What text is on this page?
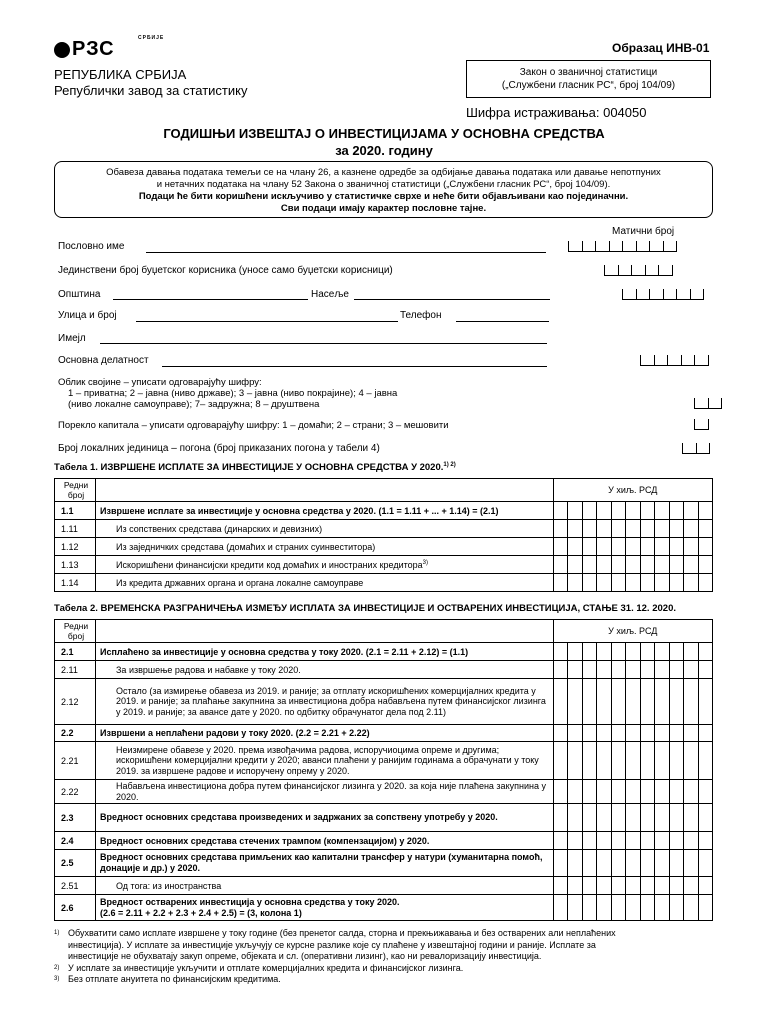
РЗС	СРБИЈЕ
Образац ИНВ-01
РЕПУБЛИКА СРБИЈА
Републички завод за статистику
Закон о званичној статистици
(„Службени гласник РС“, број 104/09)
Шифра истраживања: 004050
ГОДИШЊИ ИЗВЕШТАЈ О ИНВЕСТИЦИЈАМА У ОСНОВНА СРЕДСТВА
за 2020. годину
Обавеза давања података темељи се на члану 26, а казнене одредбе за одбијање давања података или давање непотпуних
и нетачних података на члану 52 Закона о званичној статистици („Службени гласник РС“, број 104/09).
Подаци ће бити коришћени искључиво у статистичке сврхе и неће бити објављивани као појединачни.
Сви подаци имају карактер пословне тајне.
Матични број
Пословно име
Јединствени број буџетског корисника (уносе само буџетски корисници)
Општина	Насеље
Улица и број	Телефон
Имејл
Основна делатност
Облик својине – уписати одговарајућу шифру:
1 – приватна; 2 – јавна (ниво државе); 3 – јавна (ниво покрајине); 4 – јавна
(ниво локалне самоуправе); 7– задружна; 8 – друштвена
Порекло капитала – уписати одговарајућу шифру: 1 – домаћи; 2 – страни; 3 – мешовити
Број локалних јединица – погона (број приказаних погона у табели 4)
Табела 1. ИЗВРШЕНЕ ИСПЛАТЕ ЗА ИНВЕСТИЦИЈЕ У ОСНОВНА СРЕДСТВА У 2020.$^{1) 2)}$
Редни број		У хиљ. РСД										
1.1	Извршене исплате за инвестиције у основна средства у 2020. (1.1 = 1.11 + ... + 1.14) = (2.1)											
1.11	Из сопствених средстава (динарских и девизних)											
1.12	Из заједничких средстава (домаћих и страних суинвеститора)											
1.13	Искоришћени финансијски кредити код домаћих и иностраних кредитора$^{3)}$											
1.14	Из кредита државних органа и органа локалне самоуправе											
Табела 2. ВРЕМЕНСКА РАЗГРАНИЧЕЊА ИЗМЕЂУ ИСПЛАТА ЗА ИНВЕСТИЦИЈЕ И ОСТВАРЕНИХ ИНВЕСТИЦИЈА, СТАЊЕ 31. 12. 2020.
Редни број		У хиљ. РСД										
2.1	Исплаћено за инвестиције у основна средства у току 2020. (2.1 = 2.11 + 2.12) = (1.1)											
2.11	За извршење радова и набавке у току 2020.											
2.12	Остало (за измирење обавеза из 2019. и раније; за отплату искоришћених комерцијалних кредита у 2019. и раније; за плаћање закупнина за инвестициона добра набављена путем финансијског лизинга у 2019. и раније; за авансе дате у 2020. по одбитку обрачунатог дела под 2.11)											
2.2	Извршени а неплаћени радови у току 2020. (2.2 = 2.21 + 2.22)											
2.21	Неизмирене обавезе у 2020. према извођачима радова, испоручиоцима опреме и другима; искоришћени комерцијални кредити у 2020; аванси плаћени у ранијим годинама а обрачунати у току 2019. за извршене радове и испоручену опрему у 2020.											
2.22	Набављена инвестициона добра путем финансијског лизинга у 2020. за која није плаћена закупнина у 2020.											
2.3	Вредност основних средстава произведених и задржаних за сопствену употребу у 2020.											
2.4	Вредност основних средстава стечених трампом (компензацијом) у 2020.											
2.5	Вредност основних средстава примљених као капитални трансфер у натури (хуманитарна помоћ, донације и др.) у 2020.											
2.51	Од тога: из иностранства											
2.6	Вредност остварених инвестиција у основна средства у току 2020.
(2.6 = 2.11 + 2.2 + 2.3 + 2.4 + 2.5) = (3, колона 1)											

1) Обухватити само исплате извршене у току године (без пренетог салда, сторна и прекњижавања и без остварених али неплаћених
инвестиција). У исплате за инвестиције укључују се курсне разлике које су плаћене у извештајној години и раније. Исплате за
инвестиције не обухватају закуп опреме, објеката и сл. (оперативни лизинг), као ни ревалоризацију инвестиција.
2) У исплате за инвестиције укључити и отплате комерцијалних кредита и финансијског лизинга.
3) Без отплате ануитета по финансијским кредитима.
